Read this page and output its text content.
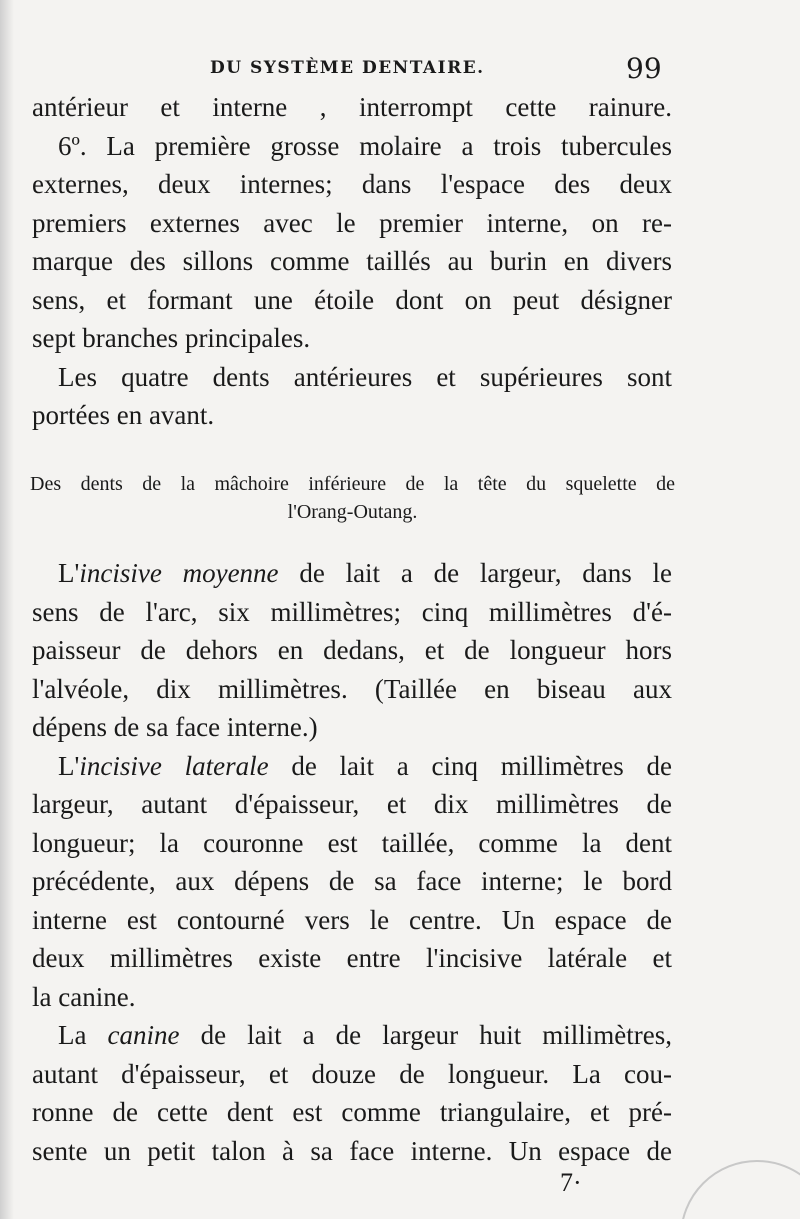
DU SYSTÈME DENTAIRE.	99
antérieur et interne , interrompt cette rainure.
6º. La première grosse molaire a trois tubercules
externes, deux internes; dans l'espace des deux
premiers externes avec le premier interne, on re-
marque des sillons comme taillés au burin en divers
sens, et formant une étoile dont on peut désigner
sept branches principales.
Les quatre dents antérieures et supérieures sont
portées en avant.
Des dents de la mâchoire inférieure de la tête du squelette de
l'Orang-Outang.
L'incisive moyenne de lait a de largeur, dans le
sens de l'arc, six millimètres; cinq millimètres d'é-
paisseur de dehors en dedans, et de longueur hors
l'alvéole, dix millimètres. (Taillée en biseau aux
dépens de sa face interne.)
L'incisive laterale de lait a cinq millimètres de
largeur, autant d'épaisseur, et dix millimètres de
longueur; la couronne est taillée, comme la dent
précédente, aux dépens de sa face interne; le bord
interne est contourné vers le centre. Un espace de
deux millimètres existe entre l'incisive latérale et
la canine.
La canine de lait a de largeur huit millimètres,
autant d'épaisseur, et douze de longueur. La cou-
ronne de cette dent est comme triangulaire, et pré-
sente un petit talon à sa face interne. Un espace de
7·
